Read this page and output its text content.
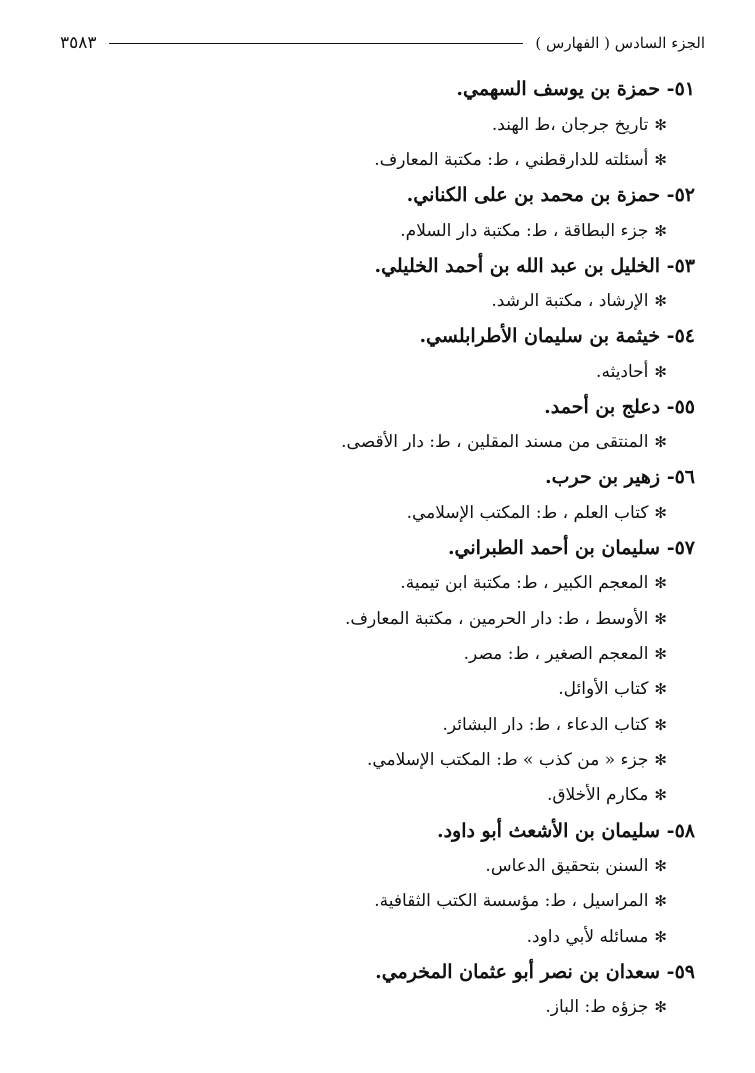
الجزء السادس ( الفهارس )
٣٥٨٣
٥١- حمزة بن يوسف السهمي.
✻تاريخ جرجان ،ط الهند.
✻أسئلته للدارقطني ، ط: مكتبة المعارف.
٥٢- حمزة بن محمد بن على الكناني.
✻جزء البطاقة ، ط: مكتبة دار السلام.
٥٣- الخليل بن عبد الله بن أحمد الخليلي.
✻الإرشاد ، مكتبة الرشد.
٥٤- خيثمة بن سليمان الأطرابلسي.
✻أحاديثه.
٥٥- دعلج بن أحمد.
✻المنتقى من مسند المقلين ، ط: دار الأقصى.
٥٦- زهير بن حرب.
✻كتاب العلم ، ط: المكتب الإسلامي.
٥٧- سليمان بن أحمد الطبراني.
✻المعجم الكبير ، ط: مكتبة ابن تيمية.
✻الأوسط ، ط: دار الحرمين ، مكتبة المعارف.
✻المعجم الصغير ، ط: مصر.
✻كتاب الأوائل.
✻كتاب الدعاء ، ط: دار البشائر.
✻جزء « من كذب » ط: المكتب الإسلامي.
✻مكارم الأخلاق.
٥٨- سليمان بن الأشعث أبو داود.
✻السنن بتحقيق الدعاس.
✻المراسيل ، ط: مؤسسة الكتب الثقافية.
✻مسائله لأبي داود.
٥٩- سعدان بن نصر أبو عثمان المخرمي.
✻جزؤه ط: الباز.
